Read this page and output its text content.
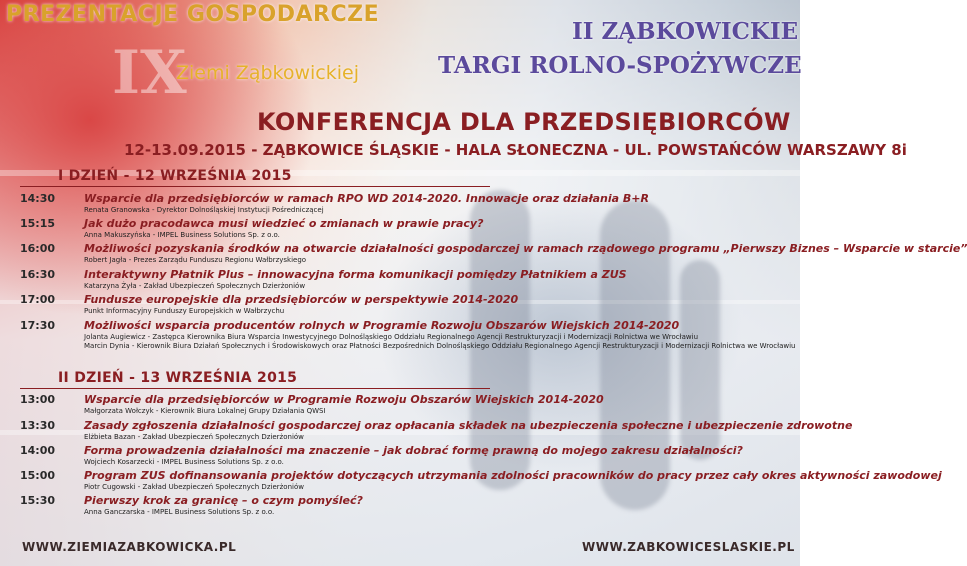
IX
PREZENTACJE GOSPODARCZE
Ziemi Ząbkowickiej
II ZĄBKOWICKIE
TARGI ROLNO-SPOŻYWCZE
KONFERENCJA DLA PRZEDSIĘBIORCÓW
12-13.09.2015 - ZĄBKOWICE ŚLĄSKIE - HALA SŁONECZNA - UL. POWSTAŃCÓW WARSZAWY 8i
I DZIEŃ - 12 WRZEŚNIA 2015
14:30	Wsparcie dla przedsiębiorców w ramach RPO WD 2014-2020. Innowacje oraz działania B+R
Renata Granowska - Dyrektor Dolnośląskiej Instytucji Pośredniczącej
15:15	Jak dużo pracodawca musi wiedzieć o zmianach w prawie pracy?
Anna Makuszyńska - IMPEL Business Solutions Sp. z o.o.
16:00	Możliwości pozyskania środków na otwarcie działalności gospodarczej w ramach rządowego programu „Pierwszy Biznes – Wsparcie w starcie”
Robert Jagła - Prezes Zarządu Funduszu Regionu Wałbrzyskiego
16:30	Interaktywny Płatnik Plus – innowacyjna forma komunikacji pomiędzy Płatnikiem a ZUS
Katarzyna Żyła - Zakład Ubezpieczeń Społecznych Dzierżoniów
17:00	Fundusze europejskie dla przedsiębiorców w perspektywie 2014-2020
Punkt Informacyjny Funduszy Europejskich w Wałbrzychu
17:30	Możliwości wsparcia producentów rolnych w Programie Rozwoju Obszarów Wiejskich 2014-2020
Jolanta Augiewicz - Zastępca Kierownika Biura Wsparcia Inwestycyjnego Dolnośląskiego Oddziału Regionalnego Agencji Restrukturyzacji i Modernizacji Rolnictwa we Wrocławiu
Marcin Dynia - Kierownik Biura Działań Społecznych i Środowiskowych oraz Płatności Bezpośrednich Dolnośląskiego Oddziału Regionalnego Agencji Restrukturyzacji i Modernizacji Rolnictwa we Wrocławiu
II DZIEŃ - 13 WRZEŚNIA 2015
13:00	Wsparcie dla przedsiębiorców w Programie Rozwoju Obszarów Wiejskich 2014-2020
Małgorzata Wołczyk - Kierownik Biura Lokalnej Grupy Działania QWSI
13:30	Zasady zgłoszenia działalności gospodarczej oraz opłacania składek na ubezpieczenia społeczne i ubezpieczenie zdrowotne
Elżbieta Bazan - Zakład Ubezpieczeń Społecznych Dzierżoniów
14:00	Forma prowadzenia działalności ma znaczenie – jak dobrać formę prawną do mojego zakresu działalności?
Wojciech Kosarzecki - IMPEL Business Solutions Sp. z o.o.
15:00	Program ZUS dofinansowania projektów dotyczących utrzymania zdolności pracowników do pracy przez cały okres aktywności zawodowej
Piotr Cugowski - Zakład Ubezpieczeń Społecznych Dzierżoniów
15:30	Pierwszy krok za granicę – o czym pomyśleć?
Anna Ganczarska - IMPEL Business Solutions Sp. z o.o.
WWW.ZIEMIAZABKOWICKA.PL	WWW.ZABKOWICESLASKIE.PL
